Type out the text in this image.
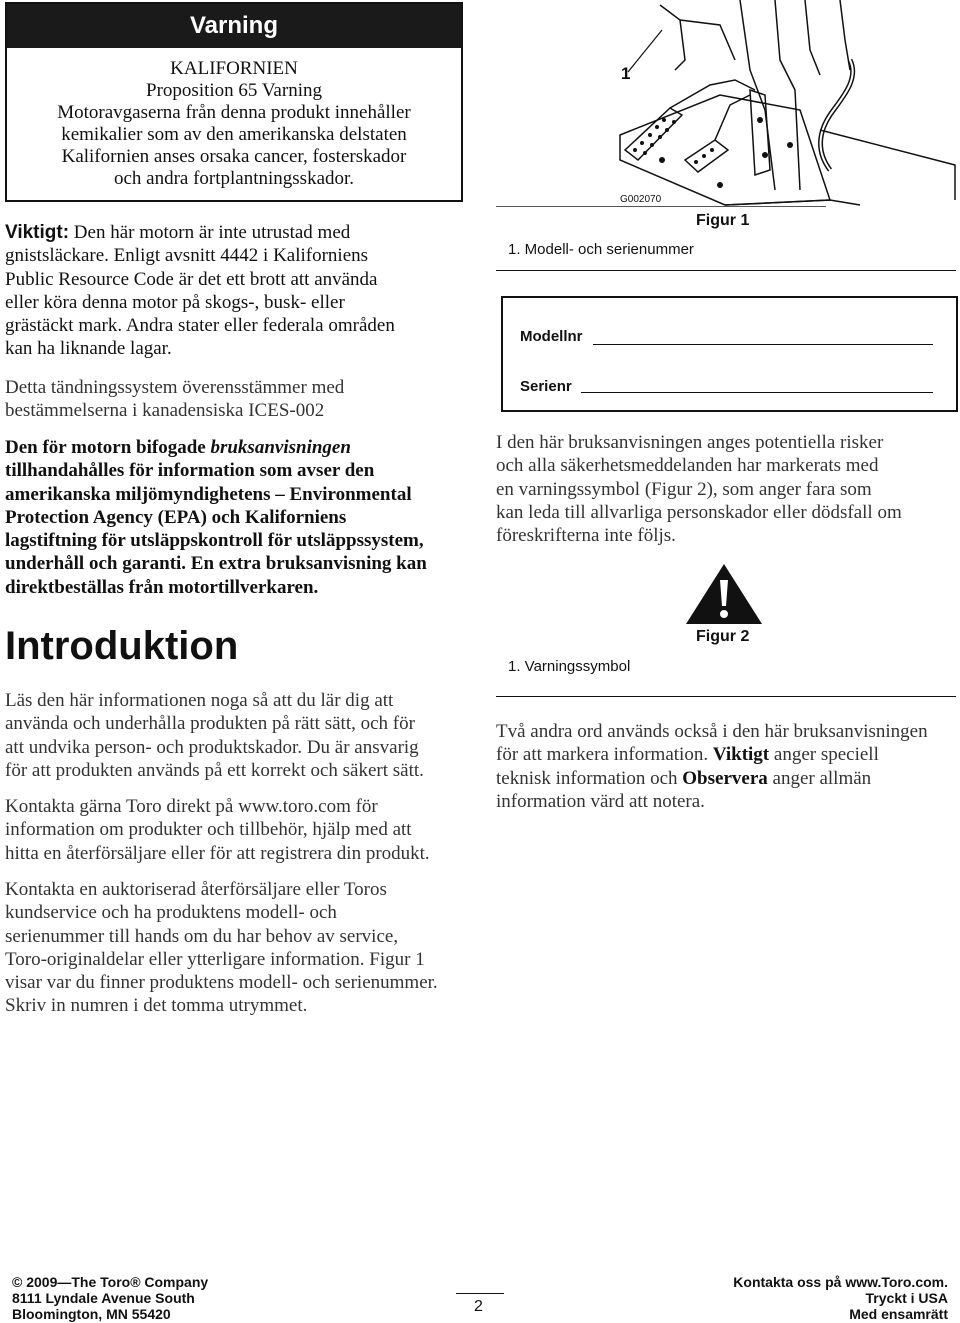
Varning
KALIFORNIEN
Proposition 65 Varning
Motoravgaserna från denna produkt innehåller
kemikalier som av den amerikanska delstaten
Kalifornien anses orsaka cancer, fosterskador
och andra fortplantningsskador.
Viktigt: Den här motorn är inte utrustad med
gnistsläckare. Enligt avsnitt 4442 i Kaliforniens
Public Resource Code är det ett brott att använda
eller köra denna motor på skogs-, busk- eller
grästäckt mark. Andra stater eller federala områden
kan ha liknande lagar.
Detta tändningssystem överensstämmer med
bestämmelserna i kanadensiska ICES-002
Den för motorn bifogade bruksanvisningen
tillhandahålles för information som avser den
amerikanska miljömyndighetens – Environmental
Protection Agency (EPA) och Kaliforniens
lagstiftning för utsläppskontroll för utsläppssystem,
underhåll och garanti. En extra bruksanvisning kan
direktbeställas från motortillverkaren.
Introduktion
Läs den här informationen noga så att du lär dig att
använda och underhålla produkten på rätt sätt, och för
att undvika person- och produktskador. Du är ansvarig
för att produkten används på ett korrekt och säkert sätt.
Kontakta gärna Toro direkt på www.toro.com för
information om produkter och tillbehör, hjälp med att
hitta en återförsäljare eller för att registrera din produkt.
Kontakta en auktoriserad återförsäljare eller Toros
kundservice och ha produktens modell- och
serienummer till hands om du har behov av service,
Toro-originaldelar eller ytterligare information. Figur 1
visar var du finner produktens modell- och serienummer.
Skriv in numren i det tomma utrymmet.
1
G002070
Figur 1
1. Modell- och serienummer
Modellnr
Serienr
I den här bruksanvisningen anges potentiella risker
och alla säkerhetsmeddelanden har markerats med
en varningssymbol (Figur 2), som anger fara som
kan leda till allvarliga personskador eller dödsfall om
föreskrifterna inte följs.
Figur 2
1. Varningssymbol
Två andra ord används också i den här bruksanvisningen
för att markera information. Viktigt anger speciell
teknisk information och Observera anger allmän
information värd att notera.
© 2009—The Toro® Company
8111 Lyndale Avenue South
Bloomington, MN 55420	2
Kontakta oss på www.Toro.com.
Tryckt i USA
Med ensamrätt
